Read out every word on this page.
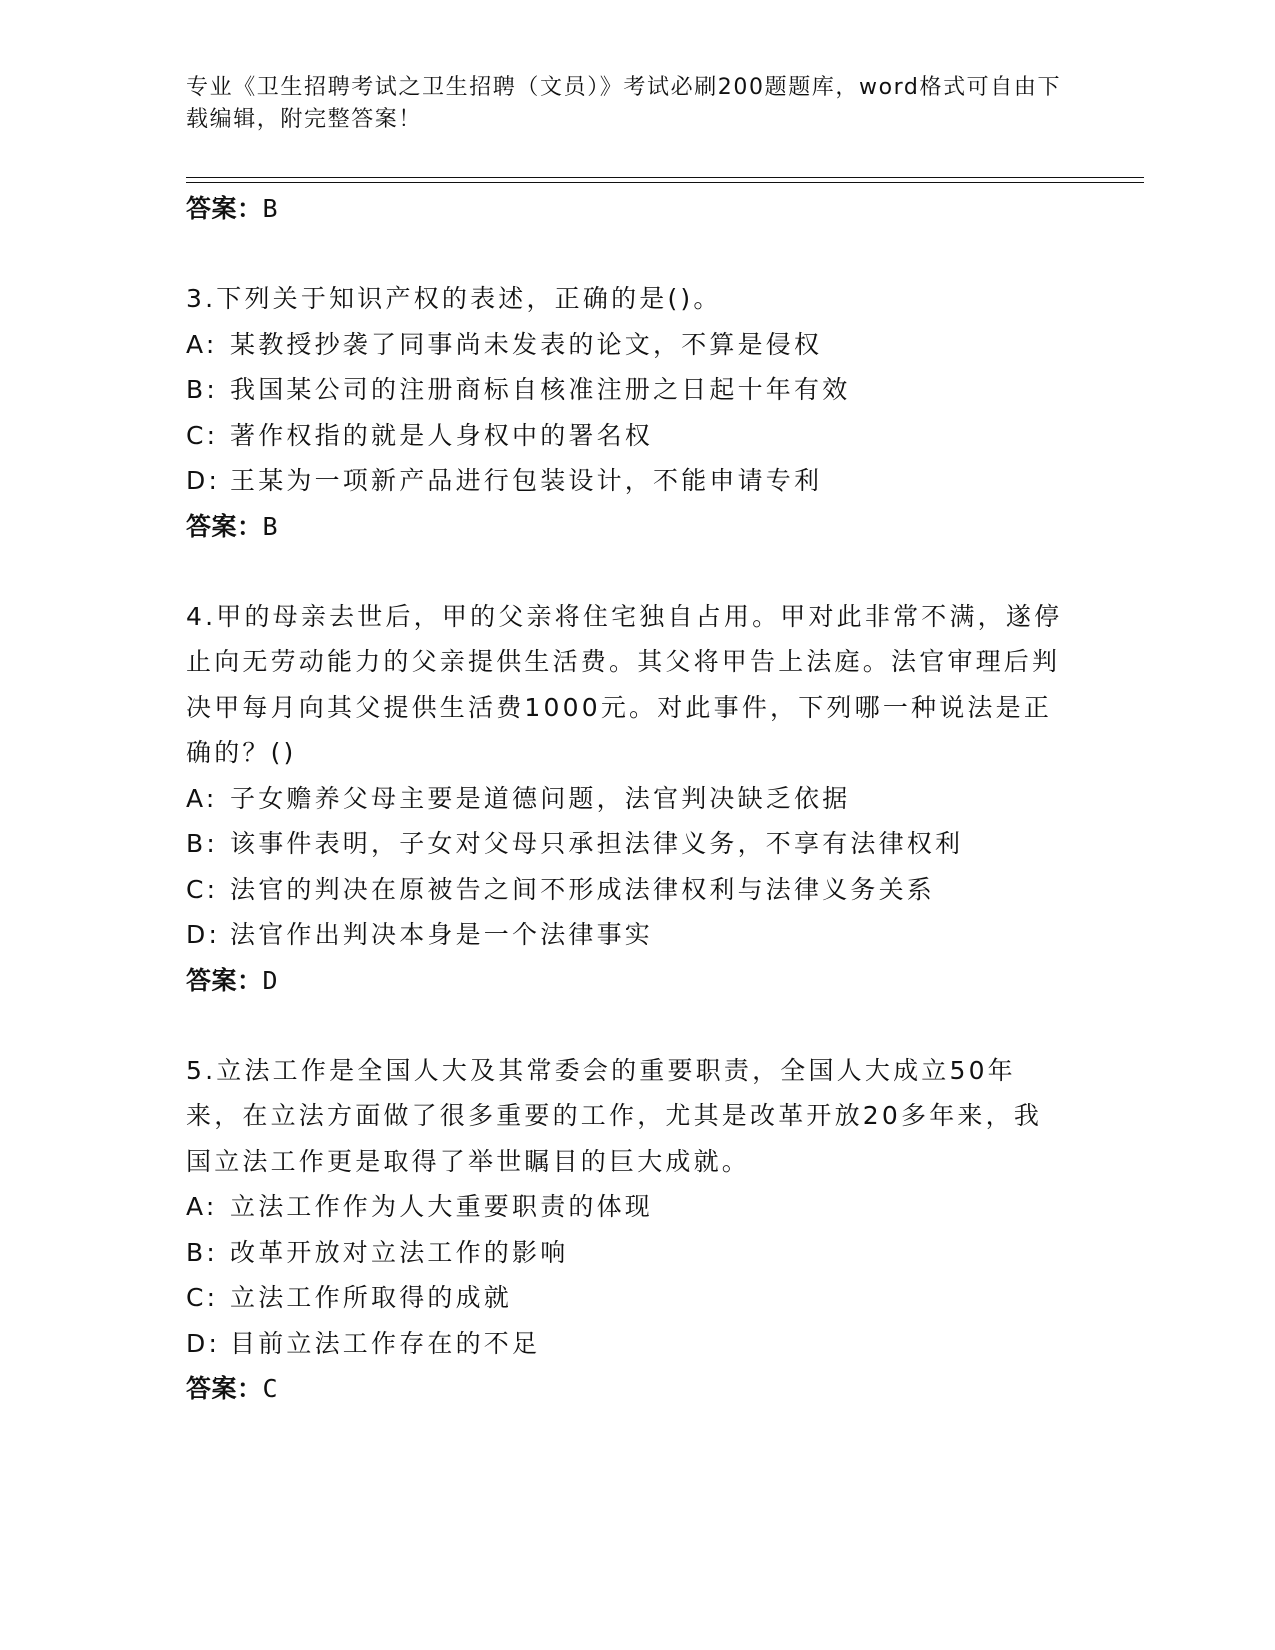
专业《卫生招聘考试之卫生招聘（文员）》考试必刷200题题库，word格式可自由下载编辑，附完整答案！
答案：B

3.下列关于知识产权的表述，正确的是()。

A: 某教授抄袭了同事尚未发表的论文，不算是侵权
B: 我国某公司的注册商标自核准注册之日起十年有效
C: 著作权指的就是人身权中的署名权
D: 王某为一项新产品进行包装设计，不能申请专利
答案：B

4.甲的母亲去世后，甲的父亲将住宅独自占用。甲对此非常不满，遂停止向无劳动能力的父亲提供生活费。其父将甲告上法庭。法官审理后判决甲每月向其父提供生活费1000元。对此事件，下列哪一种说法是正确的？()

A: 子女赡养父母主要是道德问题，法官判决缺乏依据
B: 该事件表明，子女对父母只承担法律义务，不享有法律权利
C: 法官的判决在原被告之间不形成法律权利与法律义务关系
D: 法官作出判决本身是一个法律事实
答案：D

5.立法工作是全国人大及其常委会的重要职责，全国人大成立50年来，在立法方面做了很多重要的工作，尤其是改革开放20多年来，我国立法工作更是取得了举世瞩目的巨大成就。

A: 立法工作作为人大重要职责的体现
B: 改革开放对立法工作的影响
C: 立法工作所取得的成就
D: 目前立法工作存在的不足
答案：C
